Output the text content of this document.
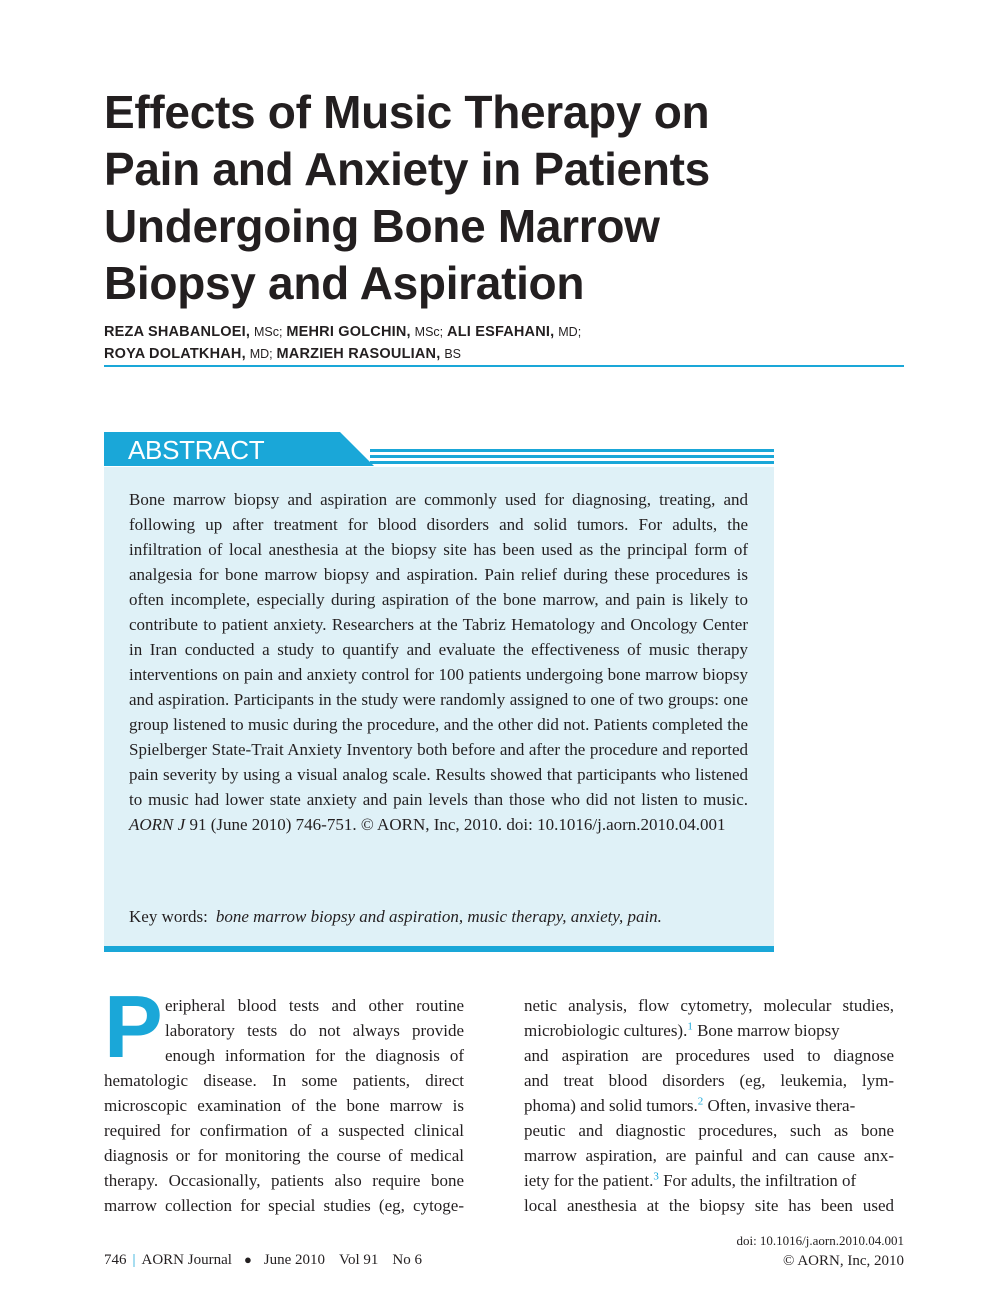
Effects of Music Therapy on
Pain and Anxiety in Patients
Undergoing Bone Marrow
Biopsy and Aspiration
REZA SHABANLOEI, MSc; MEHRI GOLCHIN, MSc; ALI ESFAHANI, MD;
ROYA DOLATKHAH, MD; MARZIEH RASOULIAN, BS
ABSTRACT

Bone marrow biopsy and aspiration are commonly used for diagnosing, treating, and following up after treatment for blood disorders and solid tumors. For adults, the infiltration of local anesthesia at the biopsy site has been used as the principal form of analgesia for bone marrow biopsy and aspiration. Pain relief during these procedures is often incomplete, especially during aspiration of the bone marrow, and pain is likely to contribute to patient anxiety. Researchers at the Tabriz Hematology and Oncology Center in Iran conducted a study to quantify and evaluate the effectiveness of music therapy interventions on pain and anxiety control for 100 patients undergoing bone marrow biopsy and aspiration. Participants in the study were randomly assigned to one of two groups: one group listened to music during the procedure, and the other did not. Patients completed the Spielberger State-Trait Anxiety Inventory both before and after the procedure and reported pain severity by using a visual analog scale. Results showed that participants who listened to music had lower state anxiety and pain levels than those who did not listen to music. AORN J 91 (June 2010) 746-751. © AORN, Inc, 2010. doi: 10.1016/j.aorn.2010.04.001

Key words: bone marrow biopsy and aspiration, music therapy, anxiety, pain.

P eripheral blood tests and other routine
laboratory tests do not always provide
enough information for the diagnosis of
hematologic disease. In some patients, direct
microscopic examination of the bone marrow is
required for confirmation of a suspected clinical
diagnosis or for monitoring the course of medical
therapy. Occasionally, patients also require bone
marrow collection for special studies (eg, cytoge-
netic analysis, flow cytometry, molecular studies,
microbiologic cultures).$^1$ Bone marrow biopsy
and aspiration are procedures used to diagnose
and treat blood disorders (eg, leukemia, lym-
phoma) and solid tumors.$^2$ Often, invasive thera-
peutic and diagnostic procedures, such as bone
marrow aspiration, are painful and can cause anx-
iety for the patient.$^3$ For adults, the infiltration of
local anesthesia at the biopsy site has been used
746 | AORN Journal ● June 2010 Vol 91 No 6
doi: 10.1016/j.aorn.2010.04.001
© AORN, Inc, 2010
